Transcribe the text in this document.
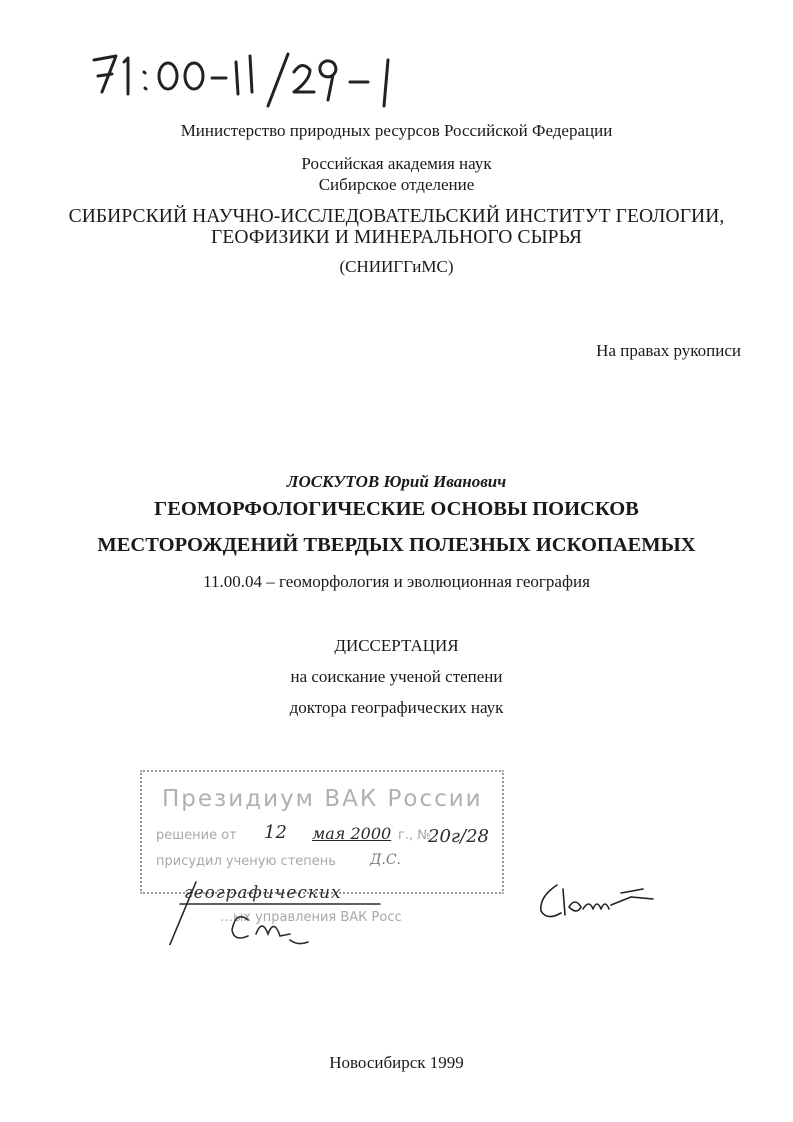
Министерство природных ресурсов Российской Федерации
Российская академия наук
Сибирское отделение
СИБИРСКИЙ НАУЧНО-ИССЛЕДОВАТЕЛЬСКИЙ ИНСТИТУТ ГЕОЛОГИИ,
ГЕОФИЗИКИ И МИНЕРАЛЬНОГО СЫРЬЯ
(СНИИГГиМС)
На правах рукописи
ЛОСКУТОВ Юрий Иванович
ГЕОМОРФОЛОГИЧЕСКИЕ ОСНОВЫ ПОИСКОВ
МЕСТОРОЖДЕНИЙ ТВЕРДЫХ ПОЛЕЗНЫХ ИСКОПАЕМЫХ
11.00.04 – геоморфология и эволюционная география
ДИССЕРТАЦИЯ
на соискание ученой степени
доктора географических наук
Президиум ВАК России
решение от 12 мая 2000 г., №
20г/28
присудил ученую степень Д.С.
географических
…ых управления ВАК Росс
Новосибирск 1999
